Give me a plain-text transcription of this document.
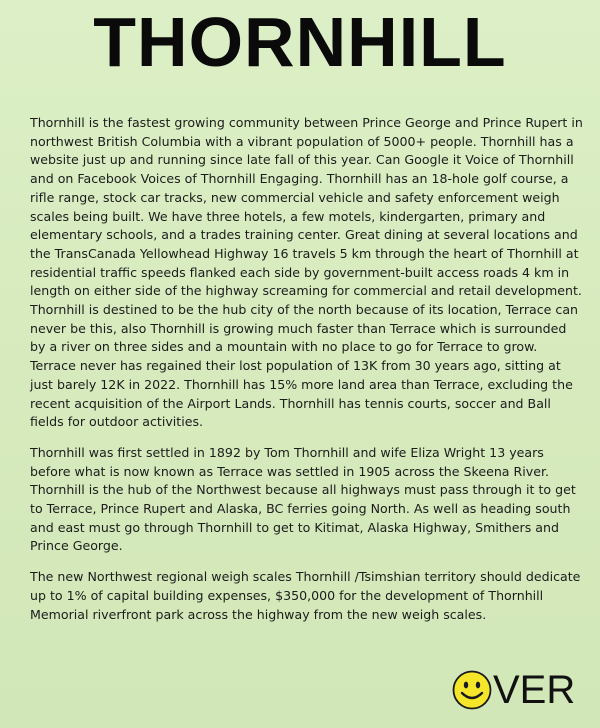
THORNHILL

Thornhill is the fastest growing community between Prince George and Prince Rupert in northwest British Columbia with a vibrant population of 5000+ people. Thornhill has a website just up and running since late fall of this year. Can Google it Voice of Thornhill and on Facebook Voices of Thornhill Engaging. Thornhill has an 18-hole golf course, a rifle range, stock car tracks, new commercial vehicle and safety enforcement weigh scales being built. We have three hotels, a few motels, kindergarten, primary and elementary schools, and a trades training center. Great dining at several locations and the TransCanada Yellowhead Highway 16 travels 5 km through the heart of Thornhill at residential traffic speeds flanked each side by government-built access roads 4 km in length on either side of the highway screaming for commercial and retail development. Thornhill is destined to be the hub city of the north because of its location, Terrace can never be this, also Thornhill is growing much faster than Terrace which is surrounded by a river on three sides and a mountain with no place to go for Terrace to grow. Terrace never has regained their lost population of 13K from 30 years ago, sitting at just barely 12K in 2022. Thornhill has 15% more land area than Terrace, excluding the recent acquisition of the Airport Lands. Thornhill has tennis courts, soccer and Ball fields for outdoor activities.

Thornhill was first settled in 1892 by Tom Thornhill and wife Eliza Wright 13 years before what is now known as Terrace was settled in 1905 across the Skeena River. Thornhill is the hub of the Northwest because all highways must pass through it to get to Terrace, Prince Rupert and Alaska, BC ferries going North. As well as heading south and east must go through Thornhill to get to Kitimat, Alaska Highway, Smithers and Prince George.

The new Northwest regional weigh scales Thornhill /Tsimshian territory should dedicate up to 1% of capital building expenses, $350,000 for the development of Thornhill Memorial riverfront park across the highway from the new weigh scales.

VER
